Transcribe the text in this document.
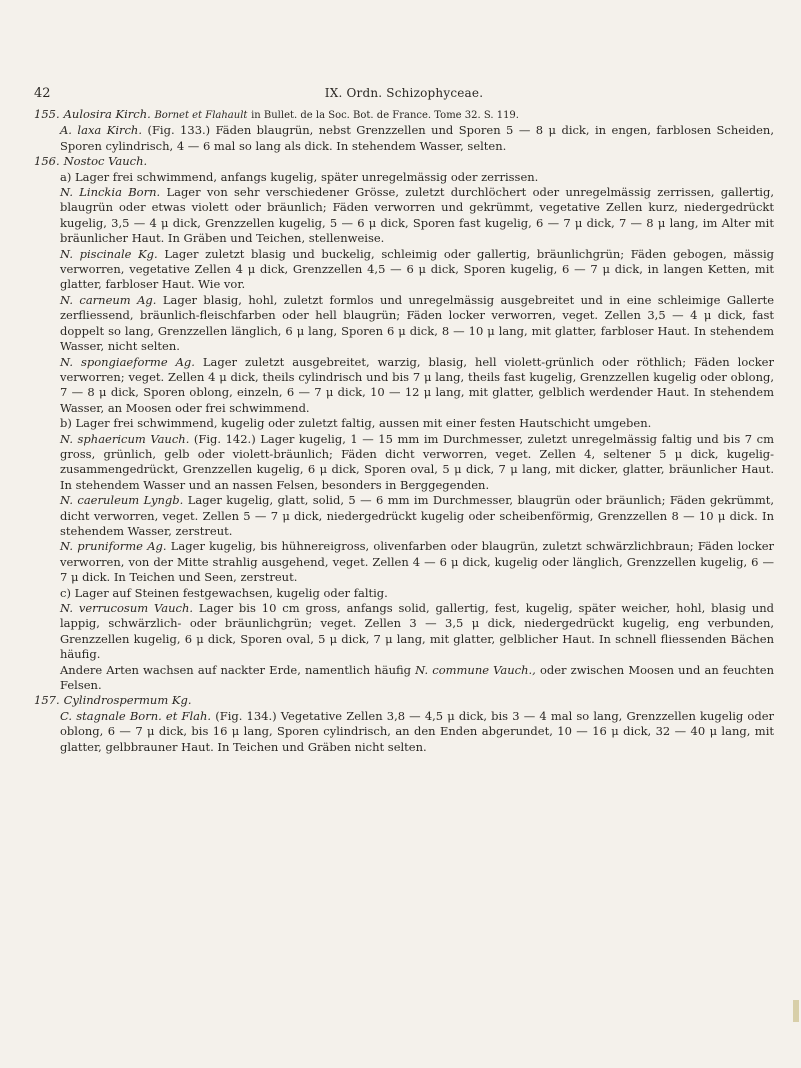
42	IX. Ordn. Schizophyceae.

155. Aulosira Kirch. Bornet et Flahault in Bullet. de la Soc. Bot. de France. Tome 32. S. 119.

A. laxa Kirch. (Fig. 133.) Fäden blaugrün, nebst Grenzzellen und Sporen 5 — 8 μ dick, in engen, farblosen Scheiden, Sporen cylindrisch, 4 — 6 mal so lang als dick. In stehendem Wasser, selten.

156. Nostoc Vauch.

a) Lager frei schwimmend, anfangs kugelig, später unregelmässig oder zerrissen.

N. Linckia Born. Lager von sehr verschiedener Grösse, zuletzt durchlöchert oder unregelmässig zerrissen, gallertig, blaugrün oder etwas violett oder bräunlich; Fäden verworren und gekrümmt, vegetative Zellen kurz, niedergedrückt kugelig, 3,5 — 4 μ dick, Grenzzellen kugelig, 5 — 6 μ dick, Sporen fast kugelig, 6 — 7 μ dick, 7 — 8 μ lang, im Alter mit bräunlicher Haut. In Gräben und Teichen, stellenweise.

N. piscinale Kg. Lager zuletzt blasig und buckelig, schleimig oder gallertig, bräunlichgrün; Fäden gebogen, mässig verworren, vegetative Zellen 4 μ dick, Grenzzellen 4,5 — 6 μ dick, Sporen kugelig, 6 — 7 μ dick, in langen Ketten, mit glatter, farbloser Haut. Wie vor.

N. carneum Ag. Lager blasig, hohl, zuletzt formlos und unregelmässig ausgebreitet und in eine schleimige Gallerte zerfliessend, bräunlich-fleischfarben oder hell blaugrün; Fäden locker verworren, veget. Zellen 3,5 — 4 μ dick, fast doppelt so lang, Grenzzellen länglich, 6 μ lang, Sporen 6 μ dick, 8 — 10 μ lang, mit glatter, farbloser Haut. In stehendem Wasser, nicht selten.

N. spongiaeforme Ag. Lager zuletzt ausgebreitet, warzig, blasig, hell violett-grünlich oder röthlich; Fäden locker verworren; veget. Zellen 4 μ dick, theils cylindrisch und bis 7 μ lang, theils fast kugelig, Grenzzellen kugelig oder oblong, 7 — 8 μ dick, Sporen oblong, einzeln, 6 — 7 μ dick, 10 — 12 μ lang, mit glatter, gelblich werdender Haut. In stehendem Wasser, an Moosen oder frei schwimmend.

b) Lager frei schwimmend, kugelig oder zuletzt faltig, aussen mit einer festen Hautschicht umgeben.

N. sphaericum Vauch. (Fig. 142.) Lager kugelig, 1 — 15 mm im Durchmesser, zuletzt unregelmässig faltig und bis 7 cm gross, grünlich, gelb oder violett-bräunlich; Fäden dicht verworren, veget. Zellen 4, seltener 5 μ dick, kugelig-zusammengedrückt, Grenzzellen kugelig, 6 μ dick, Sporen oval, 5 μ dick, 7 μ lang, mit dicker, glatter, bräunlicher Haut. In stehendem Wasser und an nassen Felsen, besonders in Berggegenden.

N. caeruleum Lyngb. Lager kugelig, glatt, solid, 5 — 6 mm im Durchmesser, blaugrün oder bräunlich; Fäden gekrümmt, dicht verworren, veget. Zellen 5 — 7 μ dick, niedergedrückt kugelig oder scheibenförmig, Grenzzellen 8 — 10 μ dick. In stehendem Wasser, zerstreut.

N. pruniforme Ag. Lager kugelig, bis hühnereigross, olivenfarben oder blaugrün, zuletzt schwärzlichbraun; Fäden locker verworren, von der Mitte strahlig ausgehend, veget. Zellen 4 — 6 μ dick, kugelig oder länglich, Grenzzellen kugelig, 6 — 7 μ dick. In Teichen und Seen, zerstreut.

c) Lager auf Steinen festgewachsen, kugelig oder faltig.

N. verrucosum Vauch. Lager bis 10 cm gross, anfangs solid, gallertig, fest, kugelig, später weicher, hohl, blasig und lappig, schwärzlich- oder bräunlichgrün; veget. Zellen 3 — 3,5 μ dick, niedergedrückt kugelig, eng verbunden, Grenzzellen kugelig, 6 μ dick, Sporen oval, 5 μ dick, 7 μ lang, mit glatter, gelblicher Haut. In schnell fliessenden Bächen häufig.

Andere Arten wachsen auf nackter Erde, namentlich häufig N. commune Vauch., oder zwischen Moosen und an feuchten Felsen.

157. Cylindrospermum Kg.

C. stagnale Born. et Flah. (Fig. 134.) Vegetative Zellen 3,8 — 4,5 μ dick, bis 3 — 4 mal so lang, Grenzzellen kugelig oder oblong, 6 — 7 μ dick, bis 16 μ lang, Sporen cylindrisch, an den Enden abgerundet, 10 — 16 μ dick, 32 — 40 μ lang, mit glatter, gelbbrauner Haut. In Teichen und Gräben nicht selten.
